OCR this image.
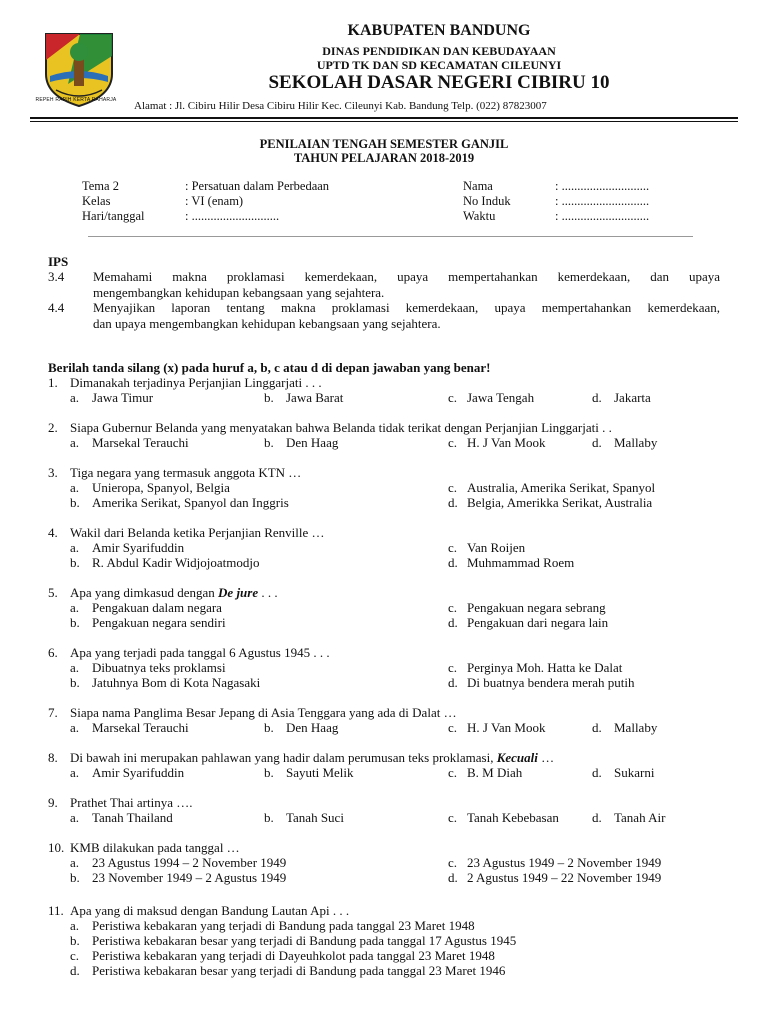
REPEH RAPIH KERTA RAHARJA
KABUPATEN BANDUNG
DINAS PENDIDIKAN DAN KEBUDAYAAN
UPTD TK DAN SD KECAMATAN CILEUNYI
SEKOLAH DASAR NEGERI CIBIRU 10
Alamat : Jl. Cibiru Hilir Desa Cibiru Hilir Kec. Cileunyi Kab. Bandung Telp. (022) 87823007
PENILAIAN TENGAH SEMESTER GANJIL
TAHUN PELAJARAN 2018-2019
Tema 2	: Persatuan dalam Perbedaan
Kelas	: VI (enam)
Hari/tanggal	: ............................
Nama	: ............................
No Induk	: ............................
Waktu	: ............................
IPS
3.4 Memahami makna proklamasi kemerdekaan, upaya mempertahankan kemerdekaan, dan upaya
mengembangkan kehidupan kebangsaan yang sejahtera.
4.4 Menyajikan laporan tentang makna proklamasi kemerdekaan, upaya mempertahankan kemerdekaan,
dan upaya mengembangkan kehidupan kebangsaan yang sejahtera.
Berilah tanda silang (x) pada huruf a, b, c atau d di depan jawaban yang benar!
1. Dimanakah terjadinya Perjanjian Linggarjati . . .
a. Jawa Timur	b. Jawa Barat	c. Jawa Tengah	d. Jakarta
2. Siapa Gubernur Belanda yang menyatakan bahwa Belanda tidak terikat dengan Perjanjian Linggarjati . .
a. Marsekal Terauchi	b. Den Haag	c. H. J Van Mook	d. Mallaby
3. Tiga negara yang termasuk anggota KTN …
a. Unieropa, Spanyol, Belgia	c. Australia, Amerika Serikat, Spanyol
b. Amerika Serikat, Spanyol dan Inggris	d. Belgia, Amerikka Serikat, Australia
4. Wakil dari Belanda ketika Perjanjian Renville …
a. Amir Syarifuddin	c. Van Roijen
b. R. Abdul Kadir Widjojoatmodjo	d. Muhmammad Roem
5. Apa yang dimkasud dengan De jure . . .
a. Pengakuan dalam negara	c. Pengakuan negara sebrang
b. Pengakuan negara sendiri	d. Pengakuan dari negara lain
6. Apa yang terjadi pada tanggal 6 Agustus 1945 . . .
a. Dibuatnya teks proklamsi	c. Perginya Moh. Hatta ke Dalat
b. Jatuhnya Bom di Kota Nagasaki	d. Di buatnya bendera merah putih
7. Siapa nama Panglima Besar Jepang di Asia Tenggara yang ada di Dalat …
a. Marsekal Terauchi	b. Den Haag	c. H. J Van Mook	d. Mallaby
8. Di bawah ini merupakan pahlawan yang hadir dalam perumusan teks proklamasi, Kecuali …
a. Amir Syarifuddin	b. Sayuti Melik	c. B. M Diah	d. Sukarni
9. Prathet Thai artinya ….
a. Tanah Thailand	b. Tanah Suci	c. Tanah Kebebasan	d. Tanah Air
10. KMB dilakukan pada tanggal …
a. 23 Agustus 1994 – 2 November 1949	c. 23 Agustus 1949 – 2 November 1949
b. 23 November 1949 – 2 Agustus 1949	d. 2 Agustus 1949 – 22 November 1949
11. Apa yang di maksud dengan Bandung Lautan Api . . .
a. Peristiwa kebakaran yang terjadi di Bandung pada tanggal 23 Maret 1948
b. Peristiwa kebakaran besar yang terjadi di Bandung pada tanggal 17 Agustus 1945
c. Peristiwa kebakaran yang terjadi di Dayeuhkolot pada tanggal 23 Maret 1948
d. Peristiwa kebakaran besar yang terjadi di Bandung pada tanggal 23 Maret 1946
